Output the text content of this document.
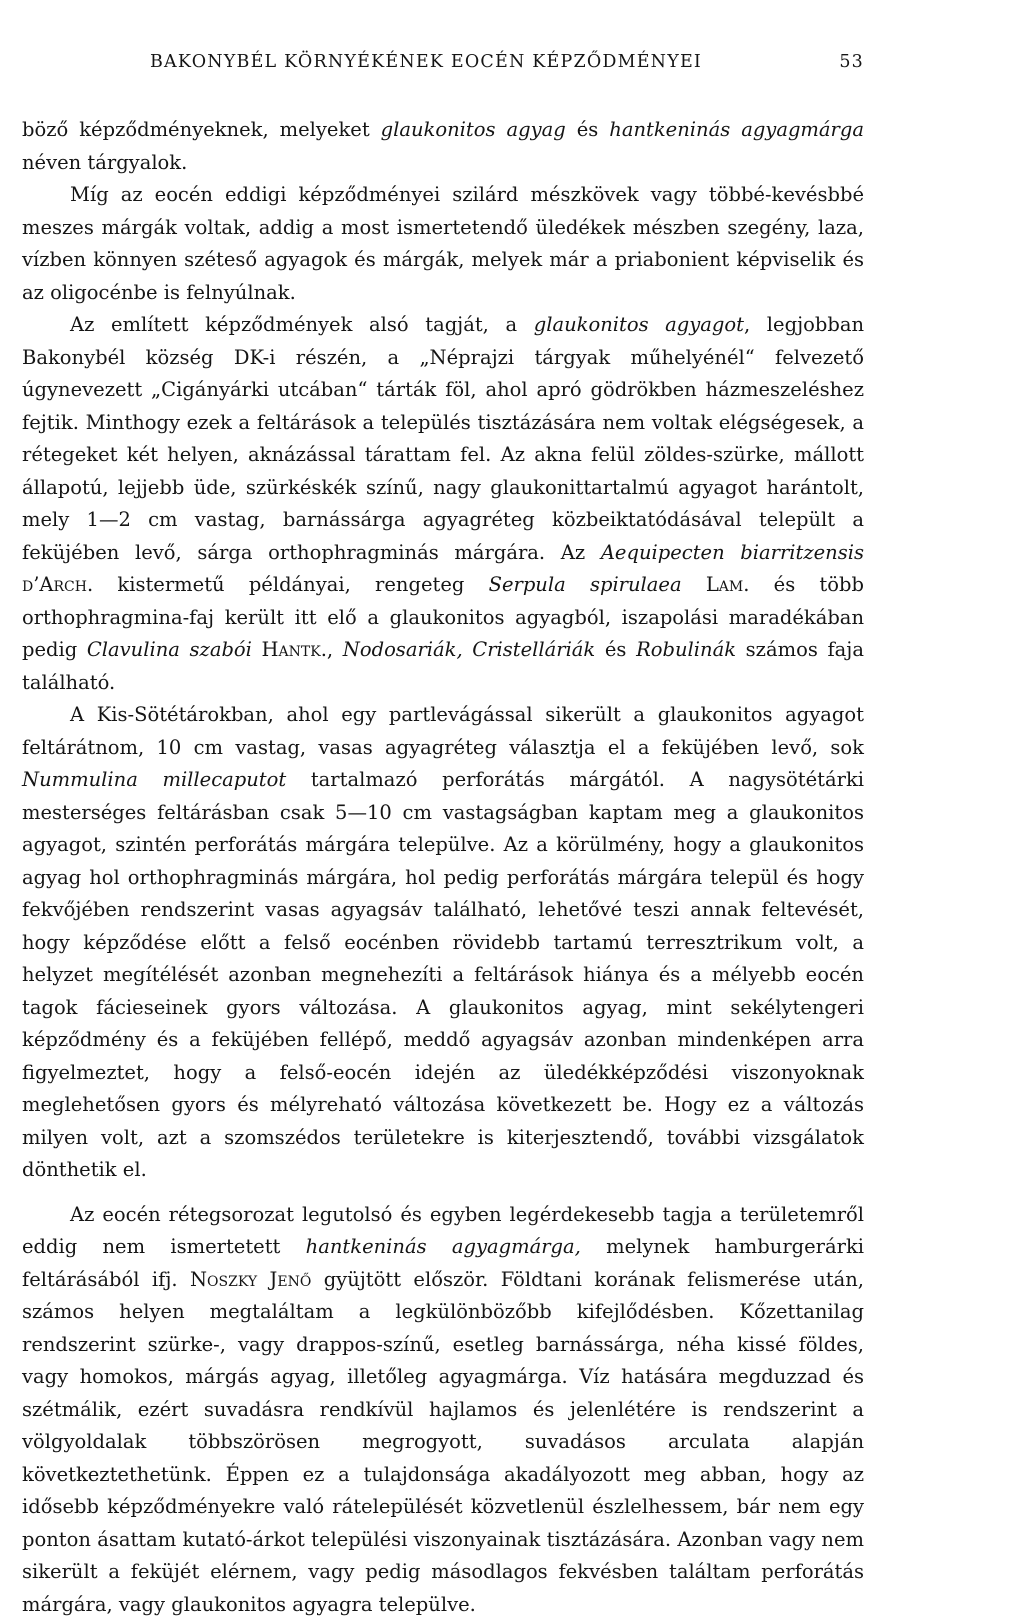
BAKONYBÉL KÖRNYÉKÉNEK EOCÉN KÉPZŐDMÉNYEI	53

böző képződményeknek, melyeket glaukonitos agyag és hantkeninás agyagmárga néven tárgyalok.

Míg az eocén eddigi képződményei szilárd mészkövek vagy többé-kevésbbé meszes márgák voltak, addig a most ismertetendő üledékek mészben szegény, laza, vízben könnyen széteső agyagok és márgák, melyek már a priabonient képviselik és az oligocénbe is felnyúlnak.

Az említett képződmények alsó tagját, a glaukonitos agyagot, legjobban Bakonybél község DK-i részén, a „Néprajzi tárgyak műhelyénél“ felvezető úgynevezett „Cigányárki utcában“ tárták föl, ahol apró gödrökben házmeszeléshez fejtik. Minthogy ezek a feltárások a település tisztázására nem voltak elégségesek, a rétegeket két helyen, aknázással tárattam fel. Az akna felül zöldes-szürke, mállott állapotú, lejjebb üde, szürkéskék színű, nagy glaukonittartalmú agyagot harántolt, mely 1—2 cm vastag, barnássárga agyagréteg közbeiktatódásával települt a feküjében levő, sárga orthophragminás márgára. Az Aequipecten biarritzensis d’Arch. kistermetű példányai, rengeteg Serpula spirulaea Lam. és több orthophragmina-faj került itt elő a glaukonitos agyagból, iszapolási maradékában pedig Clavulina szabói Hantk., Nodosariák, Cristelláriák és Robulinák számos faja található.

A Kis-Sötétárokban, ahol egy partlevágással sikerült a glaukonitos agyagot feltárátnom, 10 cm vastag, vasas agyagréteg választja el a feküjében levő, sok Nummulina millecaputot tartalmazó perforátás márgától. A nagysötétárki mesterséges feltárásban csak 5—10 cm vastagságban kaptam meg a glaukonitos agyagot, szintén perforátás márgára települve. Az a körülmény, hogy a glaukonitos agyag hol orthophragminás márgára, hol pedig perforátás márgára települ és hogy fekvőjében rendszerint vasas agyagsáv található, lehetővé teszi annak feltevését, hogy képződése előtt a felső eocénben rövidebb tartamú terresztrikum volt, a helyzet megítélését azonban megnehezíti a feltárások hiánya és a mélyebb eocén tagok fácieseinek gyors változása. A glaukonitos agyag, mint sekélytengeri képződmény és a feküjében fellépő, meddő agyagsáv azonban mindenképen arra figyelmeztet, hogy a felső-eocén idején az üledékképződési viszonyoknak meglehetősen gyors és mélyreható változása következett be. Hogy ez a változás milyen volt, azt a szomszédos területekre is kiterjesztendő, további vizsgálatok dönthetik el.

Az eocén rétegsorozat legutolsó és egyben legérdekesebb tagja a területemről eddig nem ismertetett hantkeninás agyagmárga, melynek hamburgerárki feltárásából ifj. Noszky Jenő gyüjtött először. Földtani korának felismerése után, számos helyen megtaláltam a legkülönbözőbb kifejlődésben. Kőzettanilag rendszerint szürke-, vagy drappos-színű, esetleg barnássárga, néha kissé földes, vagy homokos, márgás agyag, illetőleg agyagmárga. Víz hatására megduzzad és szétmálik, ezért suvadásra rendkívül hajlamos és jelenlétére is rendszerint a völgyoldalak többszörösen megrogyott, suvadásos arculata alapján következtethetünk. Éppen ez a tulajdonsága akadályozott meg abban, hogy az idősebb képződményekre való rátelepülését közvetlenül észlelhessem, bár nem egy ponton ásattam kutató-árkot települési viszonyainak tisztázására. Azonban vagy nem sikerült a feküjét elérnem, vagy pedig másodlagos fekvésben találtam perforátás márgára, vagy glaukonitos agyagra települve.
